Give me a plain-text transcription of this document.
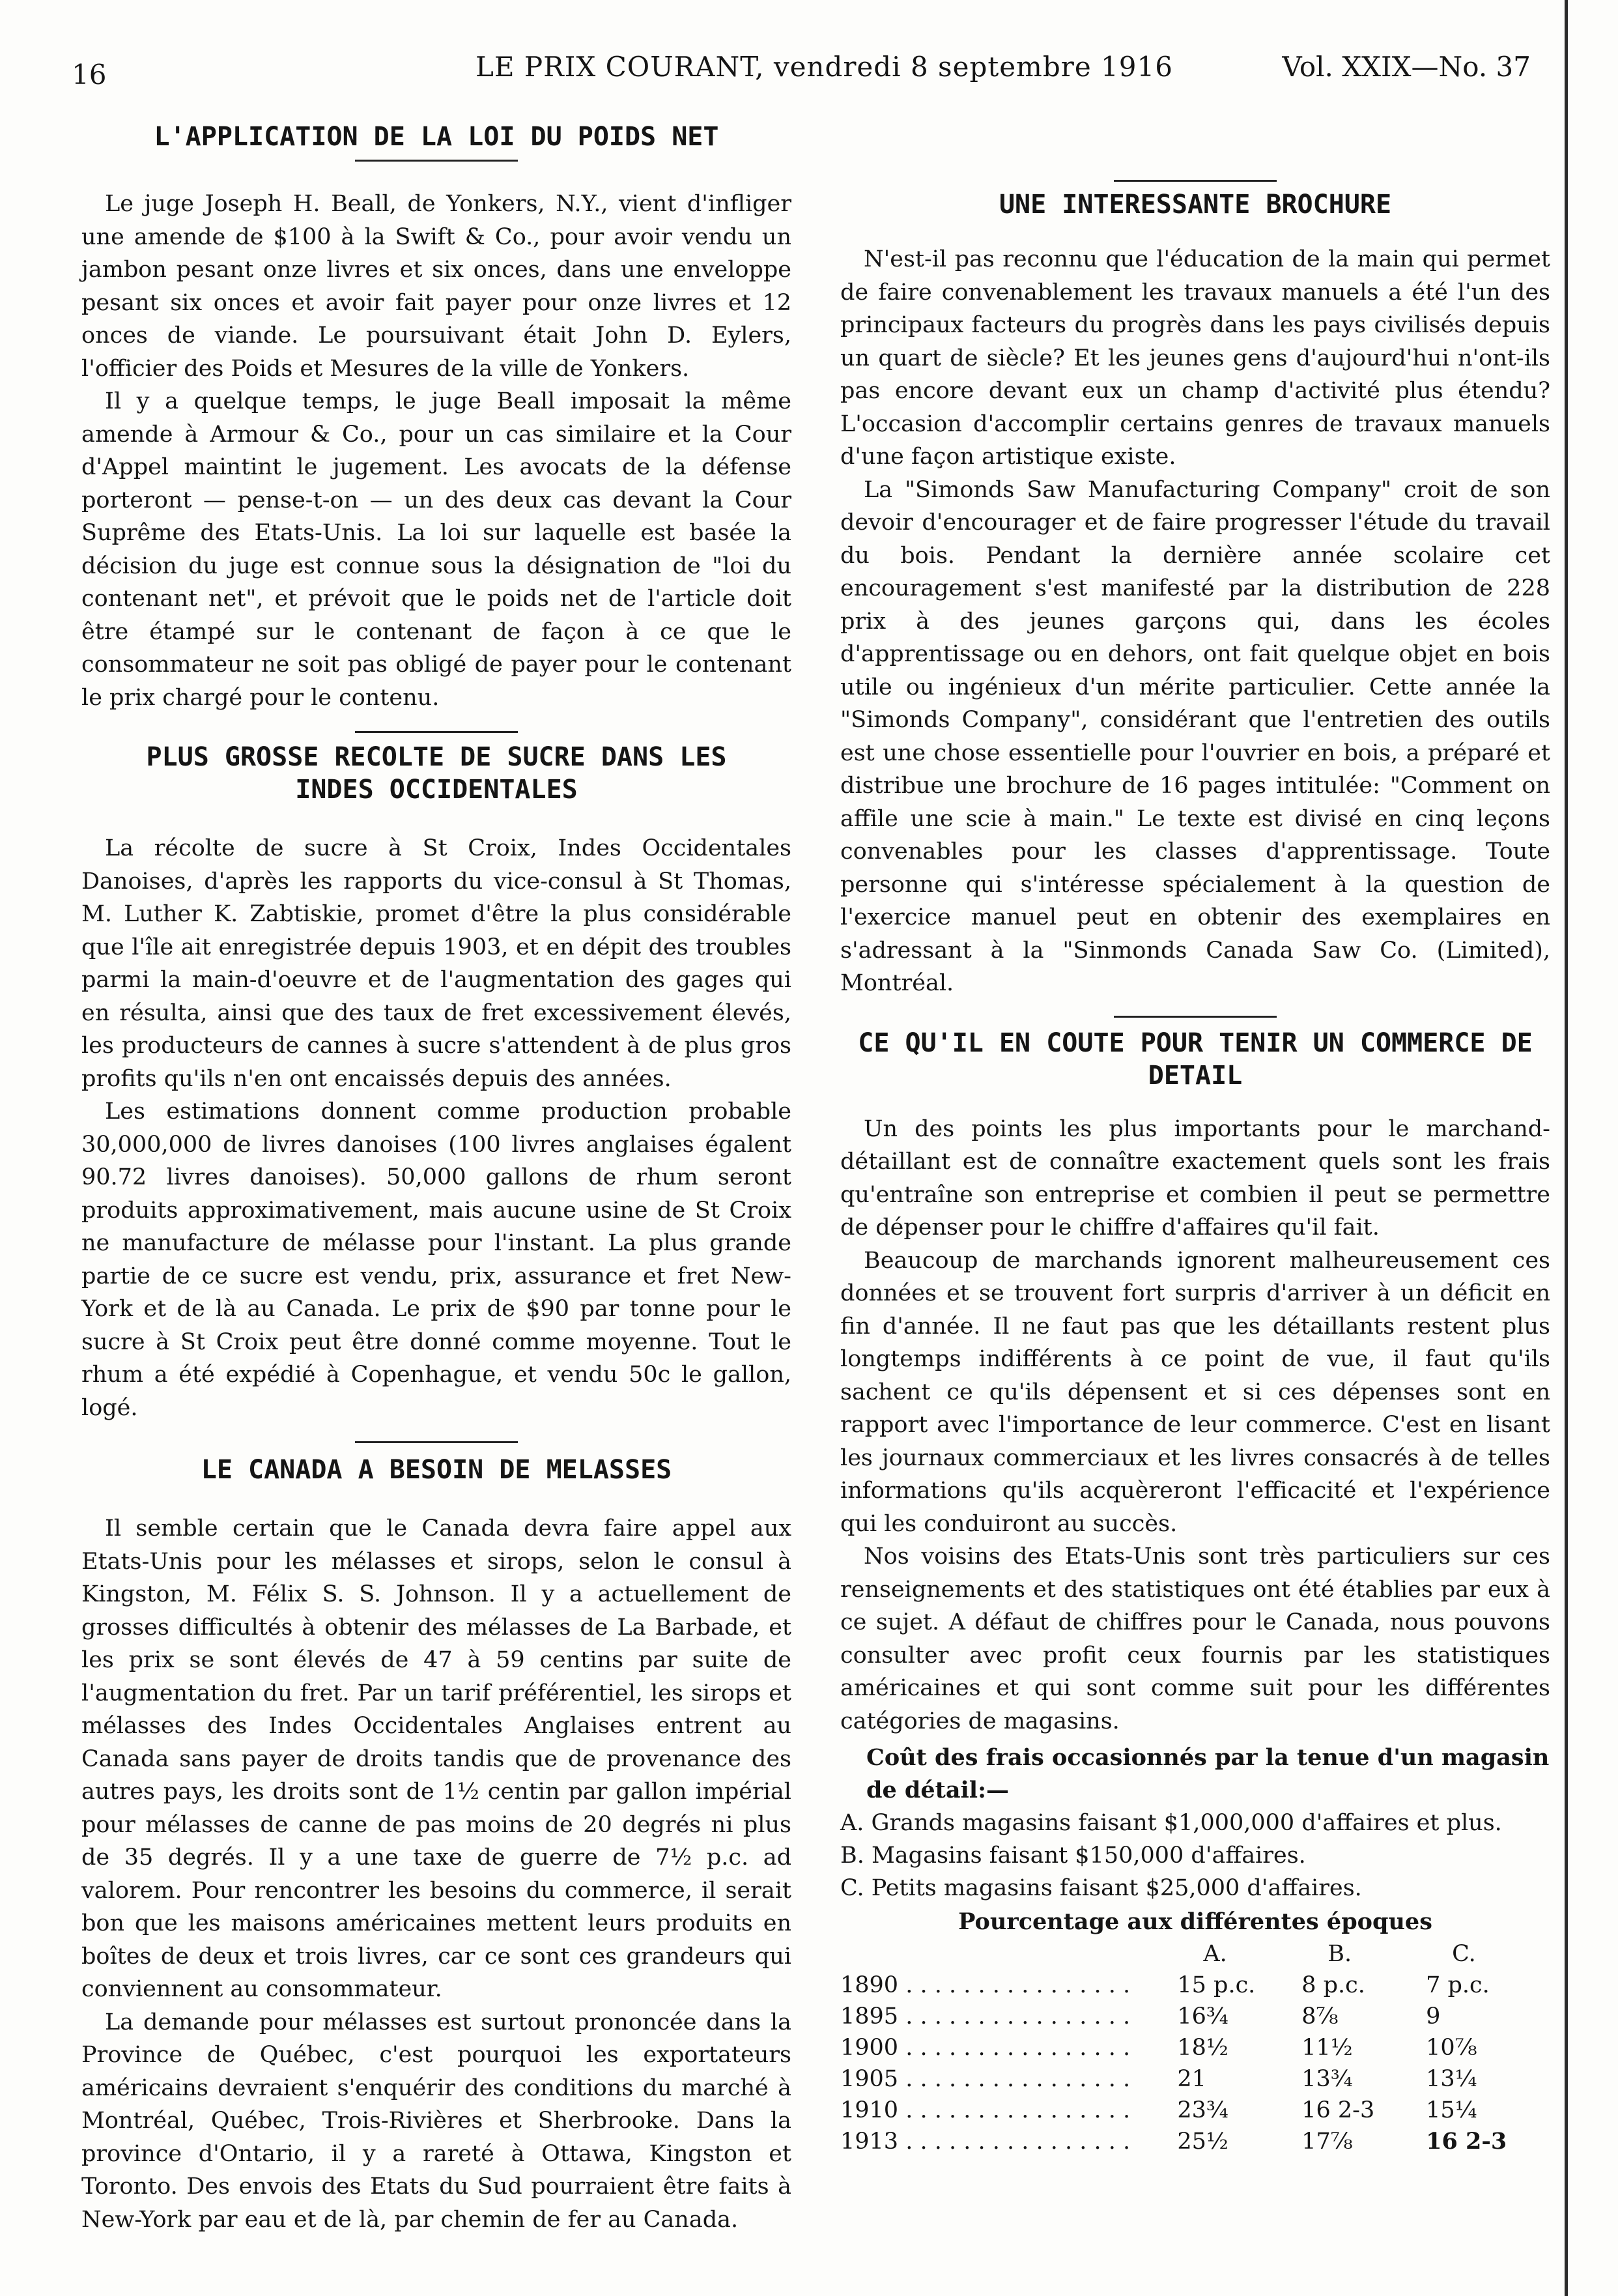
16	LE PRIX COURANT, vendredi 8 septembre 1916	Vol. XXIX—No. 37
L'APPLICATION DE LA LOI DU POIDS NET

Le juge Joseph H. Beall, de Yonkers, N.Y., vient d'infliger une amende de $100 à la Swift & Co., pour avoir vendu un jambon pesant onze livres et six onces, dans une enveloppe pesant six onces et avoir fait payer pour onze livres et 12 onces de viande. Le poursuivant était John D. Eylers, l'officier des Poids et Mesures de la ville de Yonkers.

Il y a quelque temps, le juge Beall imposait la même amende à Armour & Co., pour un cas similaire et la Cour d'Appel maintint le jugement. Les avocats de la défense porteront — pense-t-on — un des deux cas devant la Cour Suprême des Etats-Unis. La loi sur laquelle est basée la décision du juge est connue sous la désignation de "loi du contenant net", et prévoit que le poids net de l'article doit être étampé sur le contenant de façon à ce que le consommateur ne soit pas obligé de payer pour le contenant le prix chargé pour le contenu.

PLUS GROSSE RECOLTE DE SUCRE DANS LES INDES OCCIDENTALES

La récolte de sucre à St Croix, Indes Occidentales Danoises, d'après les rapports du vice-consul à St Thomas, M. Luther K. Zabtiskie, promet d'être la plus considérable que l'île ait enregistrée depuis 1903, et en dépit des troubles parmi la main-d'oeuvre et de l'augmentation des gages qui en résulta, ainsi que des taux de fret excessivement élevés, les producteurs de cannes à sucre s'attendent à de plus gros profits qu'ils n'en ont encaissés depuis des années.

Les estimations donnent comme production probable 30,000,000 de livres danoises (100 livres anglaises égalent 90.72 livres danoises). 50,000 gallons de rhum seront produits approximativement, mais aucune usine de St Croix ne manufacture de mélasse pour l'instant. La plus grande partie de ce sucre est vendu, prix, assurance et fret New-York et de là au Canada. Le prix de $90 par tonne pour le sucre à St Croix peut être donné comme moyenne. Tout le rhum a été expédié à Copenhague, et vendu 50c le gallon, logé.

LE CANADA A BESOIN DE MELASSES

Il semble certain que le Canada devra faire appel aux Etats-Unis pour les mélasses et sirops, selon le consul à Kingston, M. Félix S. S. Johnson. Il y a actuellement de grosses difficultés à obtenir des mélasses de La Barbade, et les prix se sont élevés de 47 à 59 centins par suite de l'augmentation du fret. Par un tarif préférentiel, les sirops et mélasses des Indes Occidentales Anglaises entrent au Canada sans payer de droits tandis que de provenance des autres pays, les droits sont de 1½ centin par gallon impérial pour mélasses de canne de pas moins de 20 degrés ni plus de 35 degrés. Il y a une taxe de guerre de 7½ p.c. ad valorem. Pour rencontrer les besoins du commerce, il serait bon que les maisons américaines mettent leurs produits en boîtes de deux et trois livres, car ce sont ces grandeurs qui conviennent au consommateur.

La demande pour mélasses est surtout prononcée dans la Province de Québec, c'est pourquoi les exportateurs américains devraient s'enquérir des conditions du marché à Montréal, Québec, Trois-Rivières et Sherbrooke. Dans la province d'Ontario, il y a rareté à Ottawa, Kingston et Toronto. Des envois des Etats du Sud pourraient être faits à New-York par eau et de là, par chemin de fer au Canada.

UNE INTERESSANTE BROCHURE

N'est-il pas reconnu que l'éducation de la main qui permet de faire convenablement les travaux manuels a été l'un des principaux facteurs du progrès dans les pays civilisés depuis un quart de siècle? Et les jeunes gens d'aujourd'hui n'ont-ils pas encore devant eux un champ d'activité plus étendu? L'occasion d'accomplir certains genres de travaux manuels d'une façon artistique existe.

La "Simonds Saw Manufacturing Company" croit de son devoir d'encourager et de faire progresser l'étude du travail du bois. Pendant la dernière année scolaire cet encouragement s'est manifesté par la distribution de 228 prix à des jeunes garçons qui, dans les écoles d'apprentissage ou en dehors, ont fait quelque objet en bois utile ou ingénieux d'un mérite particulier. Cette année la "Simonds Company", considérant que l'entretien des outils est une chose essentielle pour l'ouvrier en bois, a préparé et distribue une brochure de 16 pages intitulée: "Comment on affile une scie à main." Le texte est divisé en cinq leçons convenables pour les classes d'apprentissage. Toute personne qui s'intéresse spécialement à la question de l'exercice manuel peut en obtenir des exemplaires en s'adressant à la "Sinmonds Canada Saw Co. (Limited), Montréal.

CE QU'IL EN COUTE POUR TENIR UN COMMERCE DE DETAIL

Un des points les plus importants pour le marchand-détaillant est de connaître exactement quels sont les frais qu'entraîne son entreprise et combien il peut se permettre de dépenser pour le chiffre d'affaires qu'il fait.

Beaucoup de marchands ignorent malheureusement ces données et se trouvent fort surpris d'arriver à un déficit en fin d'année. Il ne faut pas que les détaillants restent plus longtemps indifférents à ce point de vue, il faut qu'ils sachent ce qu'ils dépensent et si ces dépenses sont en rapport avec l'importance de leur commerce. C'est en lisant les journaux commerciaux et les livres consacrés à de telles informations qu'ils acquèreront l'efficacité et l'expérience qui les conduiront au succès.

Nos voisins des Etats-Unis sont très particuliers sur ces renseignements et des statistiques ont été établies par eux à ce sujet. A défaut de chiffres pour le Canada, nous pouvons consulter avec profit ceux fournis par les statistiques américaines et qui sont comme suit pour les différentes catégories de magasins.

Coût des frais occasionnés par la tenue d'un magasin de détail:—
A. Grands magasins faisant $1,000,000 d'affaires et plus.
B. Magasins faisant $150,000 d'affaires.
C. Petits magasins faisant $25,000 d'affaires.
Pourcentage aux différentes époques
	A.	B.	C.
1890 . . . . . . . . . . . . . . . .	15 p.c.	8 p.c.	7 p.c.
1895 . . . . . . . . . . . . . . . .	16¾	8⅞	9
1900 . . . . . . . . . . . . . . . .	18½	11½	10⅞
1905 . . . . . . . . . . . . . . . .	21	13¾	13¼
1910 . . . . . . . . . . . . . . . .	23¾	16 2-3	15¼
1913 . . . . . . . . . . . . . . . .	25½	17⅞	16 2-3
